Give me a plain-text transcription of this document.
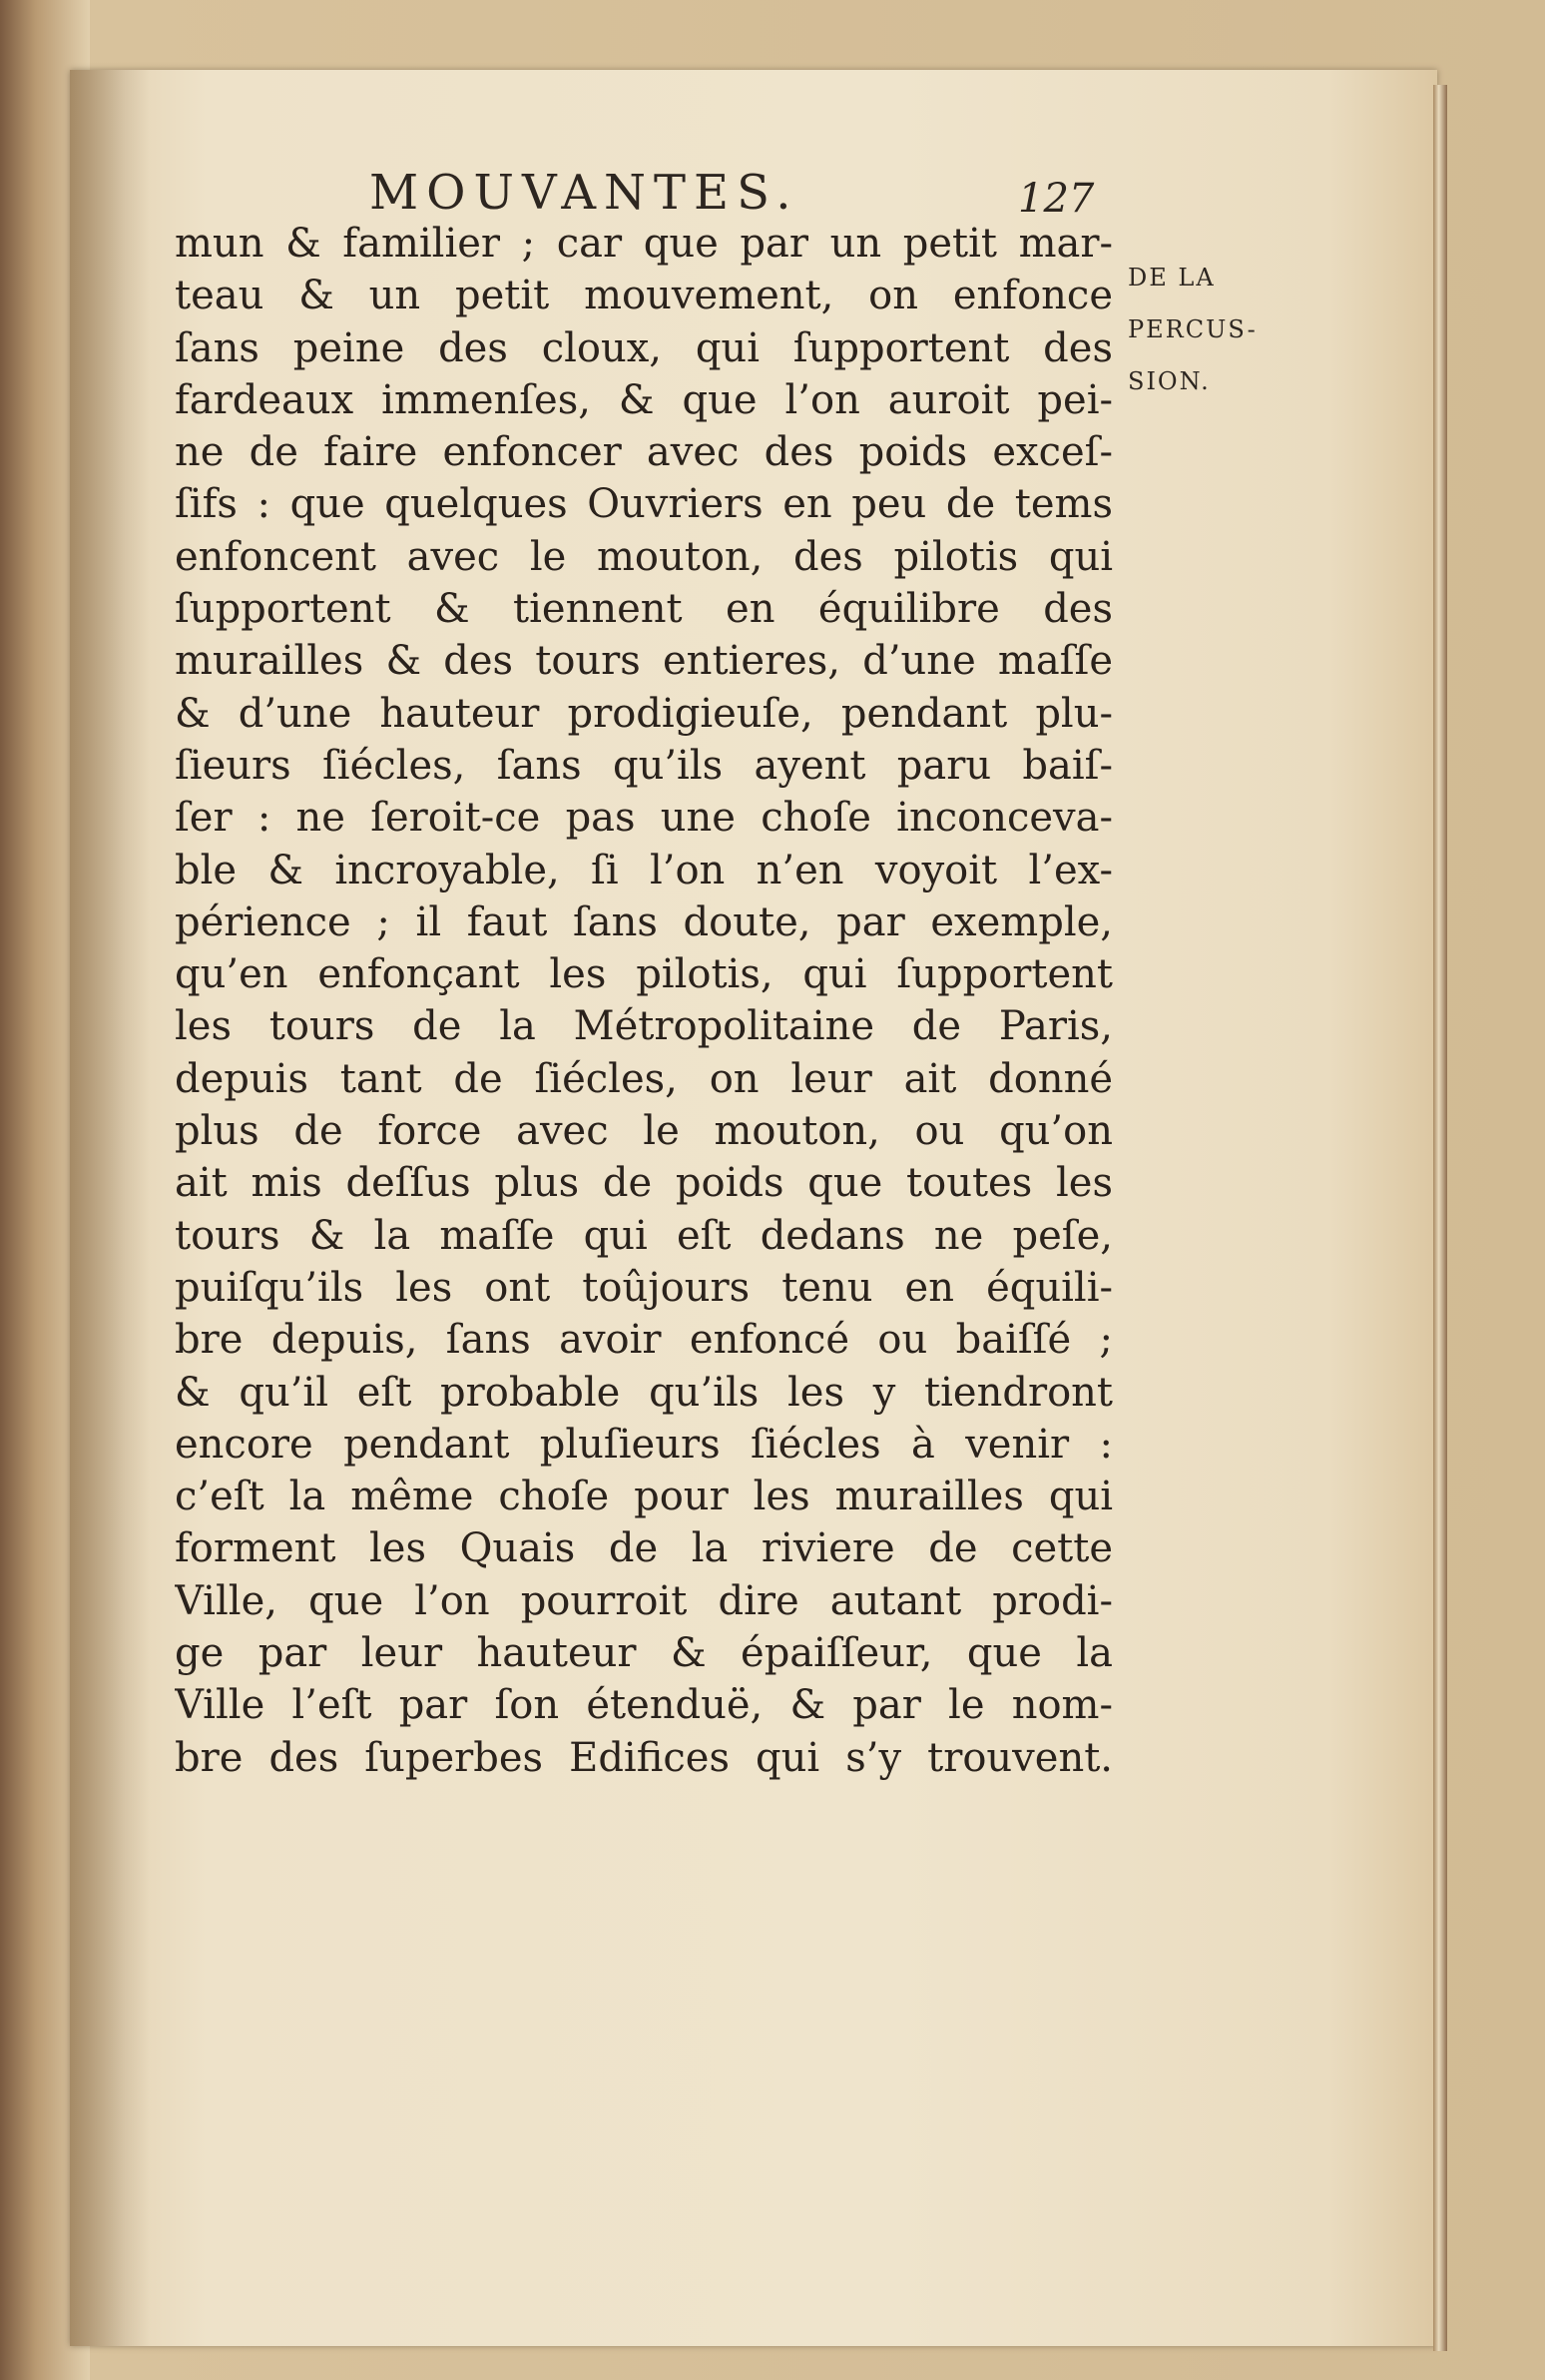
MOUVANTES.	127
mun & familier ; car que par un petit mar-
teau & un petit mouvement, on enfonce
ſans peine des cloux, qui ſupportent des
fardeaux immenſes, & que l’on auroit pei-
ne de faire enfoncer avec des poids exceſ-
ſifs : que quelques Ouvriers en peu de tems
enfoncent avec le mouton, des pilotis qui
ſupportent & tiennent en équilibre des
murailles & des tours entieres, d’une maſſe
& d’une hauteur prodigieuſe, pendant plu-
ſieurs ſiécles, ſans qu’ils ayent paru baiſ-
ſer : ne ſeroit-ce pas une choſe inconceva-
ble & incroyable, ſi l’on n’en voyoit l’ex-
périence ; il faut ſans doute, par exemple,
qu’en enfonçant les pilotis, qui ſupportent
les tours de la Métropolitaine de Paris,
depuis tant de ſiécles, on leur ait donné
plus de force avec le mouton, ou qu’on
ait mis deſſus plus de poids que toutes les
tours & la maſſe qui eſt dedans ne peſe,
puiſqu’ils les ont toûjours tenu en équili-
bre depuis, ſans avoir enfoncé ou baiſſé ;
& qu’il eſt probable qu’ils les y tiendront
encore pendant pluſieurs ſiécles à venir :
c’eſt la même choſe pour les murailles qui
forment les Quais de la riviere de cette
Ville, que l’on pourroit dire autant prodi-
ge par leur hauteur & épaiſſeur, que la
Ville l’eſt par ſon étenduë, & par le nom-
bre des ſuperbes Edifices qui s’y trouvent.
DE LA
PERCUS-
SION.
